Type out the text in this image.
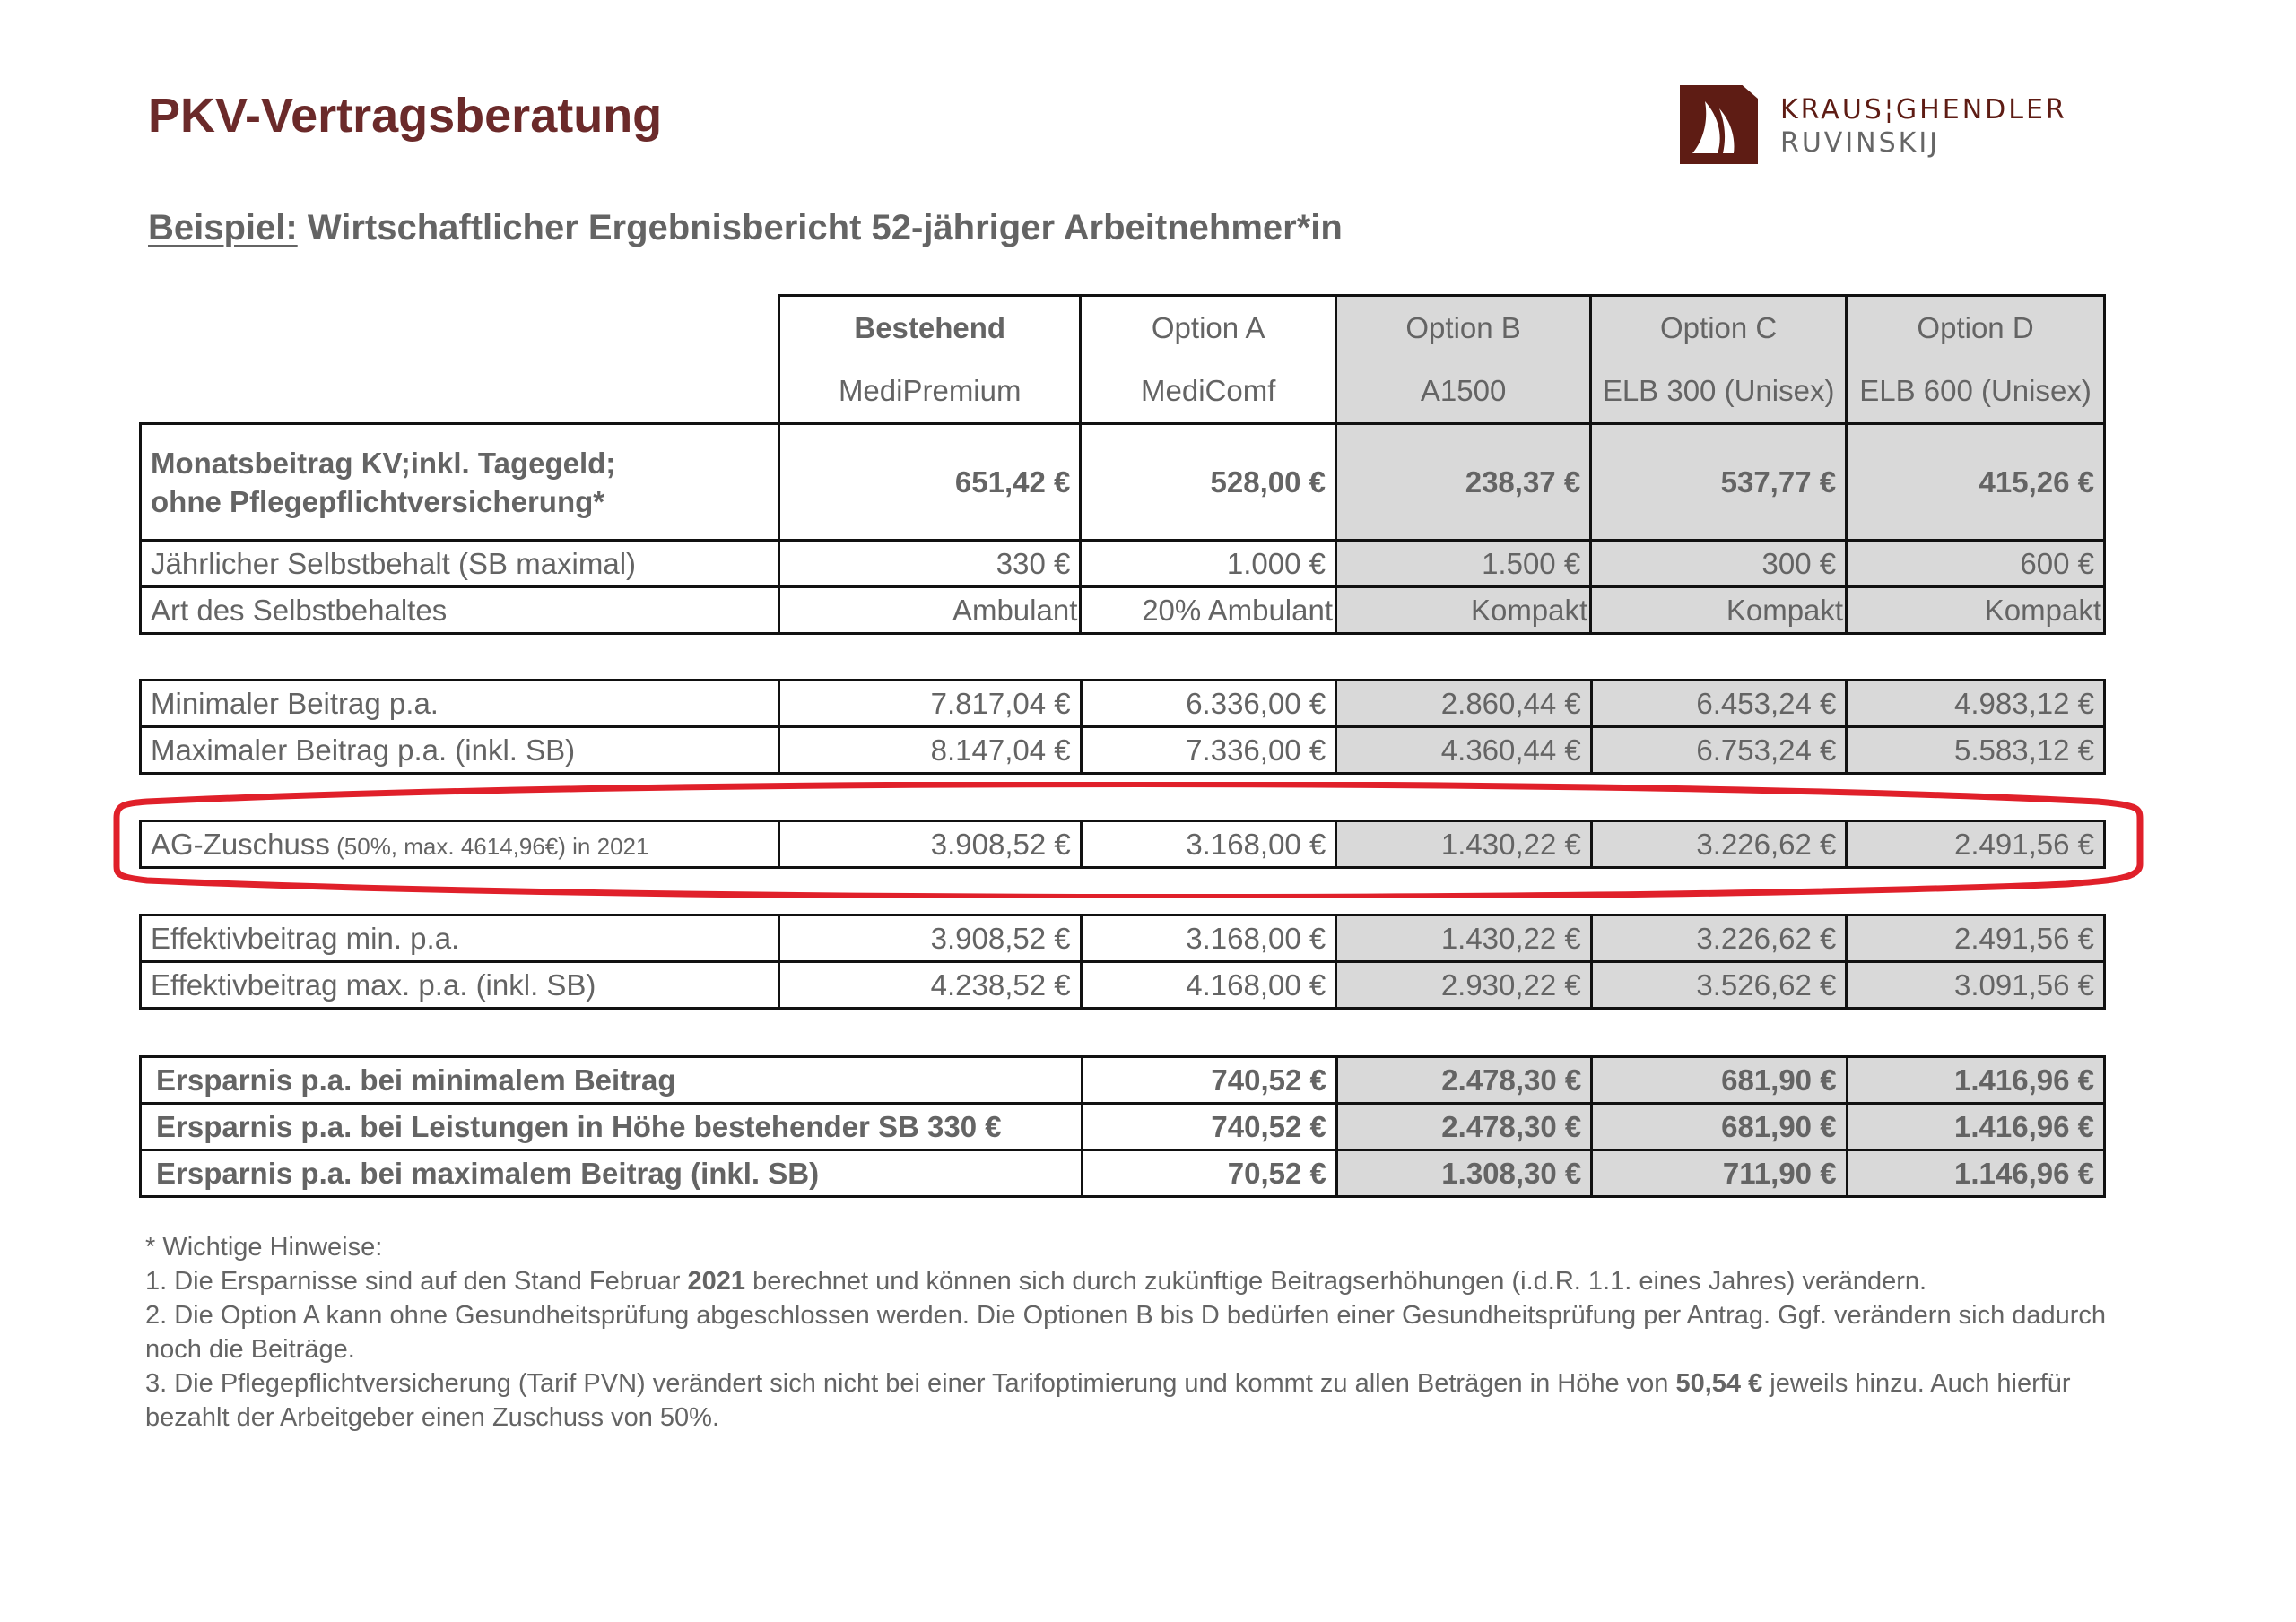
PKV-Vertragsberatung	KRAUS¦GHENDLER
RUVINSKIJ
Beispiel: Wirtschaftlicher Ergebnisbericht 52-jähriger Arbeitnehmer*in

Bestehend
MediPremium

Option A
MediComf

Option B
A1500

Option C
ELB 300 (Unisex)

Option D
ELB 600 (Unisex)

Monatsbeitrag KV;inkl. Tagegeld;
ohne Pflegepflichtversicherung*	651,42 €	528,00 €	238,37 €	537,77 €	415,26 €
Jährlicher Selbstbehalt (SB maximal)	330 €	1.000 €	1.500 €	300 €	600 €
Art des Selbstbehaltes	Ambulant	20% Ambulant	Kompakt	Kompakt	Kompakt
Minimaler Beitrag p.a.	7.817,04 €	6.336,00 €	2.860,44 €	6.453,24 €	4.983,12 €
Maximaler Beitrag p.a. (inkl. SB)	8.147,04 €	7.336,00 €	4.360,44 €	6.753,24 €	5.583,12 €
AG-Zuschuss (50%, max. 4614,96€) in 2021	3.908,52 €	3.168,00 €	1.430,22 €	3.226,62 €	2.491,56 €
Effektivbeitrag min. p.a.	3.908,52 €	3.168,00 €	1.430,22 €	3.226,62 €	2.491,56 €
Effektivbeitrag max. p.a. (inkl. SB)	4.238,52 €	4.168,00 €	2.930,22 €	3.526,62 €	3.091,56 €
Ersparnis p.a. bei minimalem Beitrag	740,52 €	2.478,30 €	681,90 €	1.416,96 €
Ersparnis p.a. bei Leistungen in Höhe bestehender SB 330 €	740,52 €	2.478,30 €	681,90 €	1.416,96 €
Ersparnis p.a. bei maximalem Beitrag (inkl. SB)	70,52 €	1.308,30 €	711,90 €	1.146,96 €

* Wichtige Hinweise:

1. Die Ersparnisse sind auf den Stand Februar 2021 berechnet und können sich durch zukünftige Beitragserhöhungen (i.d.R. 1.1. eines Jahres) verändern.

2. Die Option A kann ohne Gesundheitsprüfung abgeschlossen werden. Die Optionen B bis D bedürfen einer Gesundheitsprüfung per Antrag. Ggf. verändern sich dadurch noch die Beiträge.

3. Die Pflegepflichtversicherung (Tarif PVN) verändert sich nicht bei einer Tarifoptimierung und kommt zu allen Beträgen in Höhe von 50,54 € jeweils hinzu. Auch hierfür bezahlt der Arbeitgeber einen Zuschuss von 50%.
